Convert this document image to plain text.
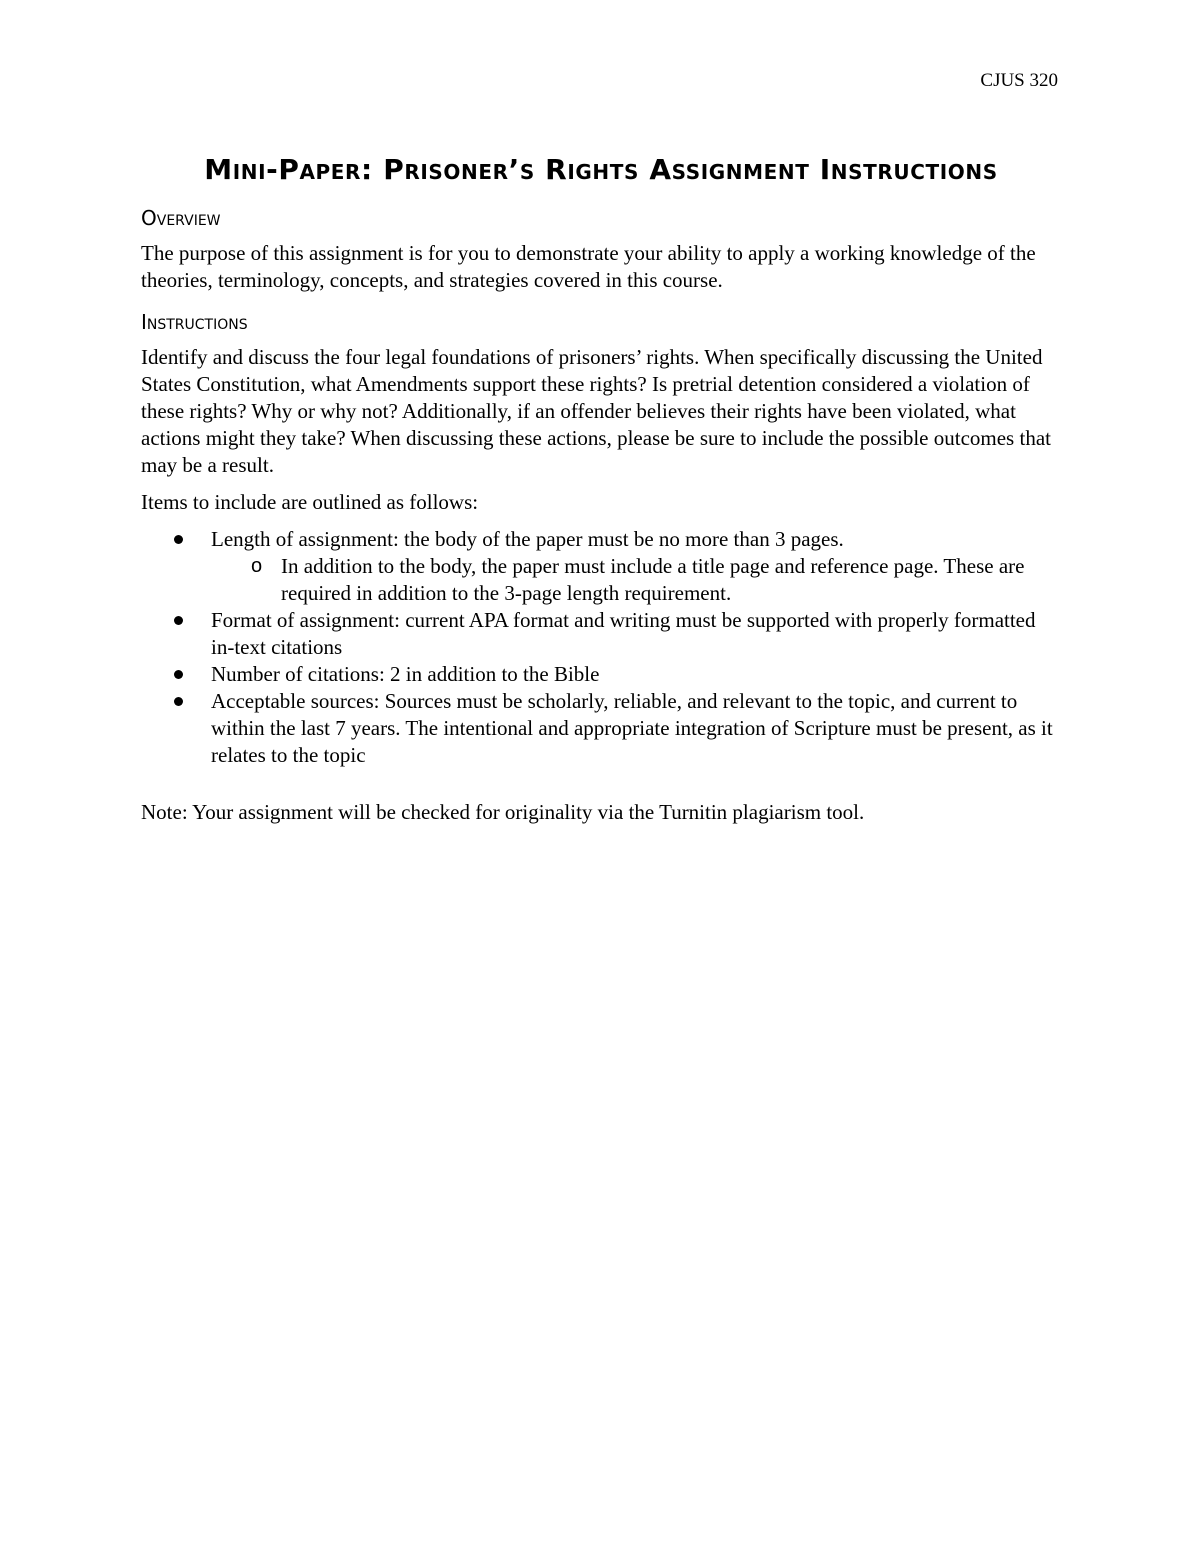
CJUS 320
Mini-Paper: Prisoner’s Rights Assignment Instructions
Overview

The purpose of this assignment is for you to demonstrate your ability to apply a working knowledge of the theories, terminology, concepts, and strategies covered in this course.

Instructions

Identify and discuss the four legal foundations of prisoners’ rights. When specifically discussing the United States Constitution, what Amendments support these rights? Is pretrial detention considered a violation of these rights? Why or why not? Additionally, if an offender believes their rights have been violated, what actions might they take? When discussing these actions, please be sure to include the possible outcomes that may be a result.

Items to include are outlined as follows:

Length of assignment: the body of the paper must be no more than 3 pages.
o In addition to the body, the paper must include a title page and reference page. These are required in addition to the 3-page length requirement.
Format of assignment: current APA format and writing must be supported with properly formatted in-text citations
Number of citations: 2 in addition to the Bible
Acceptable sources: Sources must be scholarly, reliable, and relevant to the topic, and current to within the last 7 years. The intentional and appropriate integration of Scripture must be present, as it relates to the topic

Note: Your assignment will be checked for originality via the Turnitin plagiarism tool.
